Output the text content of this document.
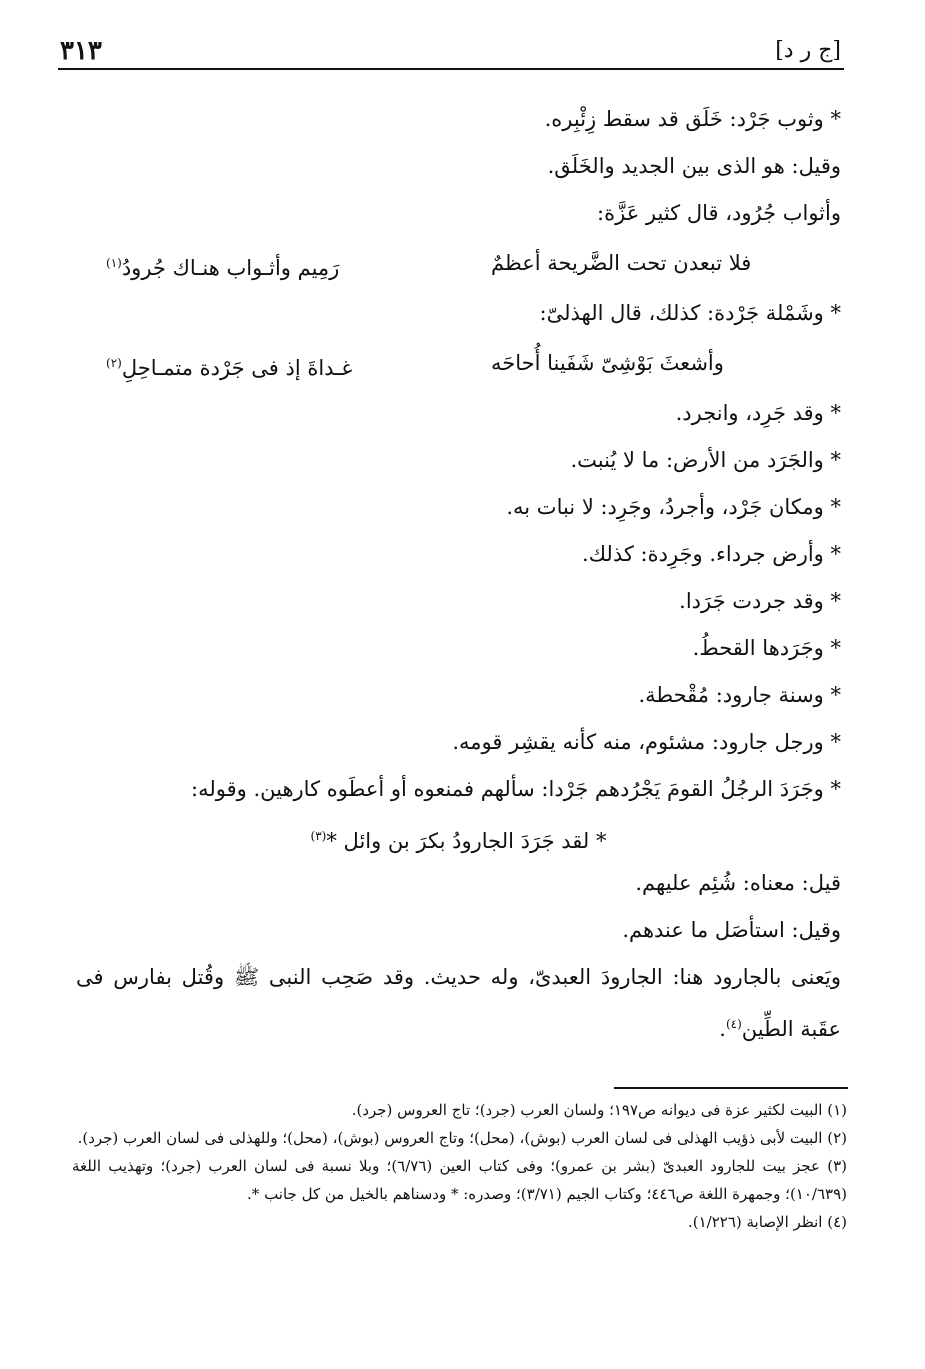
[ج ر د]
٣١٣
* وثوب جَرْد: خَلَق قد سقط زِئْبِره.
وقيل: هو الذى بين الجديد والخَلَق.
وأثواب جُرُود، قال كثير عَزَّة:
فلا تبعدن تحت الضَّريحة أعظمٌ
رَمِيم وأثـواب هنـاك جُرودُ$^{(١)}$
* وشَمْلة جَرْدة: كذلك، قال الهذلىّ:
وأشعثَ بَوْشِىّ شَفَينا أُحاحَه
غـداةَ إذ فى جَرْدة متمـاحِلِ$^{(٢)}$
* وقد جَرِد، وانجرد.
* والجَرَد من الأرض: ما لا يُنبت.
* ومكان جَرْد، وأجردُ، وجَرِد: لا نبات به.
* وأرض جرداء. وجَرِدة: كذلك.
* وقد جردت جَرَدا.
* وجَرَدها القحطُ.
* وسنة جارود: مُقْحطة.
* ورجل جارود: مشئوم، منه كأنه يقشِر قومه.
* وجَرَدَ الرجُلُ القومَ يَجْرُدهم جَرْدا: سألهم فمنعوه أو أعطَوه كارهين. وقوله:
* لقد جَرَدَ الجارودُ بكرَ بن وائل *$^{(٣)}$
قيل: معناه: شُئِم عليهم.
وقيل: استأصَل ما عندهم.
ويَعنى بالجارود هنا: الجارودَ العبدىّ، وله حديث. وقد صَحِب النبى ﷺ وقُتل بفارس فى عقَبة الطِّين$^{(٤)}$.
(١) البيت لكثير عزة فى ديوانه ص١٩٧؛ ولسان العرب (جرد)؛ تاج العروس (جرد).
(٢) البيت لأبى ذؤيب الهذلى فى لسان العرب (بوش)، (محل)؛ وتاج العروس (بوش)، (محل)؛ وللهذلى فى لسان العرب (جرد).
(٣) عجز بيت للجارود العبدىّ (بشر بن عمرو)؛ وفى كتاب العين (٦/٧٦)؛ وبلا نسبة فى لسان العرب (جرد)؛ وتهذيب اللغة (١٠/٦٣٩)؛ وجمهرة اللغة ص٤٤٦؛ وكتاب الجيم (٣/٧١)؛ وصدره: * ودسناهم بالخيل من كل جانب *.
(٤) انظر الإصابة (١/٢٢٦).
